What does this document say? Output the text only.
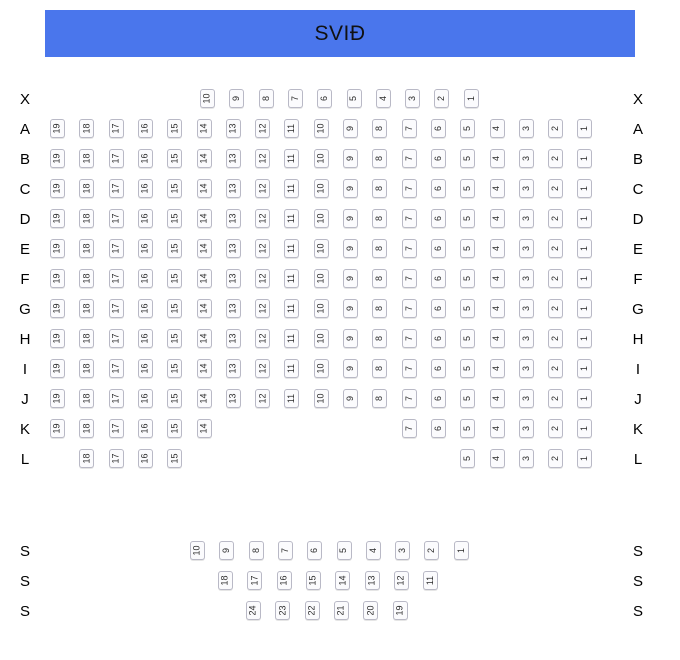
SVIÐ
X	X
10 9 8 7 6 5 4 3 2 1
A	A
19 18 17 16 15 14 13 12 11 10 9 8 7 6 5 4 3 2 1
B	B
19 18 17 16 15 14 13 12 11 10 9 8 7 6 5 4 3 2 1
C	C
19 18 17 16 15 14 13 12 11 10 9 8 7 6 5 4 3 2 1
D	D
19 18 17 16 15 14 13 12 11 10 9 8 7 6 5 4 3 2 1
E	E
19 18 17 16 15 14 13 12 11 10 9 8 7 6 5 4 3 2 1
F	F
19 18 17 16 15 14 13 12 11 10 9 8 7 6 5 4 3 2 1
G	G
19 18 17 16 15 14 13 12 11 10 9 8 7 6 5 4 3 2 1
H	H
19 18 17 16 15 14 13 12 11 10 9 8 7 6 5 4 3 2 1
I	I
19 18 17 16 15 14 13 12 11 10 9 8 7 6 5 4 3 2 1
J	J
19 18 17 16 15 14 13 12 11 10 9 8 7 6 5 4 3 2 1
K	K
19 18 17 16 15 14	7 6 5 4 3 2 1
L	L
18 17 16 15	5 4 3 2 1
S	S
10 9 8 7 6 5 4 3 2 1
S	S
18 17 16 15 14 13 12 11
S	S
24 23 22 21 20 19
